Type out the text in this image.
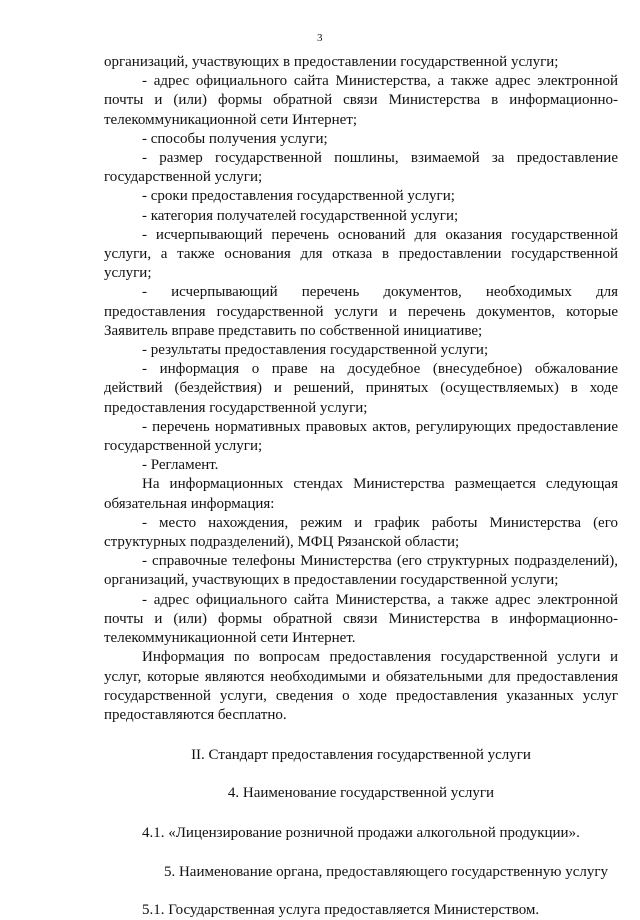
3

организаций, участвующих в предоставлении государственной услуги;

- адрес официального сайта Министерства, а также адрес электронной почты и (или) формы обратной связи Министерства в информационно-телекоммуникационной сети Интернет;

- способы получения услуги;

- размер государственной пошлины, взимаемой за предоставление государственной услуги;

- сроки предоставления государственной услуги;

- категория получателей государственной услуги;

- исчерпывающий перечень оснований для оказания государственной услуги, а также основания для отказа в предоставлении государственной услуги;

- исчерпывающий перечень документов, необходимых для предоставления государственной услуги и перечень документов, которые Заявитель вправе представить по собственной инициативе;

- результаты предоставления государственной услуги;

- информация о праве на досудебное (внесудебное) обжалование действий (бездействия) и решений, принятых (осуществляемых) в ходе предоставления государственной услуги;

- перечень нормативных правовых актов, регулирующих предоставление государственной услуги;

- Регламент.

На информационных стендах Министерства размещается следующая обязательная информация:

- место нахождения, режим и график работы Министерства (его структурных подразделений), МФЦ Рязанской области;

- справочные телефоны Министерства (его структурных подразделений), организаций, участвующих в предоставлении государственной услуги;

- адрес официального сайта Министерства, а также адрес электронной почты и (или) формы обратной связи Министерства в информационно-телекоммуникационной сети Интернет.

Информация по вопросам предоставления государственной услуги и услуг, которые являются необходимыми и обязательными для предоставления государственной услуги, сведения о ходе предоставления указанных услуг предоставляются бесплатно.

II. Стандарт предоставления государственной услуги

4. Наименование государственной услуги

4.1. «Лицензирование розничной продажи алкогольной продукции».

5. Наименование органа, предоставляющего государственную услугу

5.1. Государственная услуга предоставляется Министерством.
